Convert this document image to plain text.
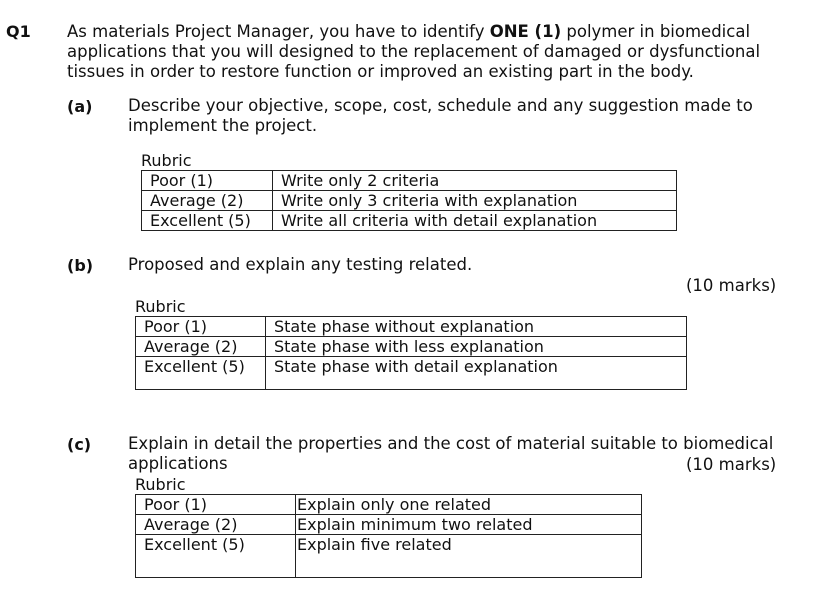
Q1 As materials Project Manager, you have to identify ONE (1) polymer in biomedical
applications that you will designed to the replacement of damaged or dysfunctional
tissues in order to restore function or improved an existing part in the body.
(a) Describe your objective, scope, cost, schedule and any suggestion made to
implement the project.
Rubric
Poor (1)	Write only 2 criteria
Average (2)	Write only 3 criteria with explanation
Excellent (5)	Write all criteria with detail explanation
(b) Proposed and explain any testing related.
(10 marks)
Rubric
Poor (1)	State phase without explanation
Average (2)	State phase with less explanation
Excellent (5)	State phase with detail explanation
(c) Explain in detail the properties and the cost of material suitable to biomedical
applications	(10 marks)
Rubric
Poor (1)	Explain only one related
Average (2)	Explain minimum two related
Excellent (5)	Explain five related
